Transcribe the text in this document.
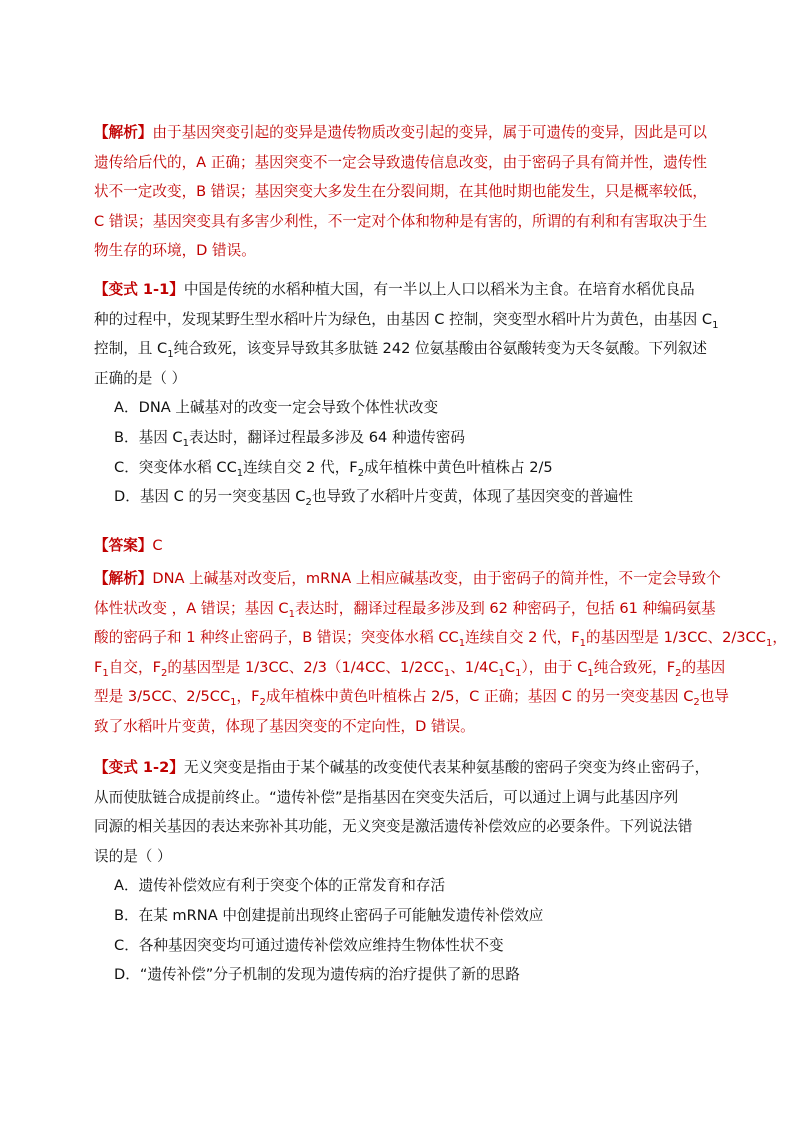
【解析】由于基因突变引起的变异是遗传物质改变引起的变异，属于可遗传的变异，因此是可以
遗传给后代的，A 正确；基因突变不一定会导致遗传信息改变，由于密码子具有简并性，遗传性
状不一定改变，B 错误；基因突变大多发生在分裂间期，在其他时期也能发生，只是概率较低，
C 错误；基因突变具有多害少利性，不一定对个体和物种是有害的，所谓的有利和有害取决于生
物生存的环境，D 错误。
【变式 1-1】中国是传统的水稻种植大国，有一半以上人口以稻米为主食。在培育水稻优良品
种的过程中，发现某野生型水稻叶片为绿色，由基因 C 控制，突变型水稻叶片为黄色，由基因 $C_1$
控制，且 $C_1$纯合致死，该变异导致其多肽链 242 位氨基酸由谷氨酸转变为天冬氨酸。下列叙述
正确的是（ ）
A．DNA 上碱基对的改变一定会导致个体性状改变
B．基因 $C_1$表达时，翻译过程最多涉及 64 种遗传密码
C．突变体水稻 $CC_1$连续自交 2 代，$F_2$成年植株中黄色叶植株占 2/5
D．基因 C 的另一突变基因 $C_2$也导致了水稻叶片变黄，体现了基因突变的普遍性
【答案】C
【解析】DNA 上碱基对改变后，mRNA 上相应碱基改变，由于密码子的简并性，不一定会导致个
体性状改变 ，A 错误；基因 $C_1$表达时，翻译过程最多涉及到 62 种密码子，包括 61 种编码氨基
酸的密码子和 1 种终止密码子，B 错误；突变体水稻 $CC_1$连续自交 2 代，$F_1$的基因型是 1/3CC、$2/3CC_1$，
$F_1$自交，$F_2$的基因型是 1/3CC、2/3（1/4CC、$1/2CC_1$、$1/4C_1C_1$），由于 $C_1$纯合致死，$F_2$的基因
型是 3/5CC、$2/5CC_1$，$F_2$成年植株中黄色叶植株占 2/5，C 正确；基因 C 的另一突变基因 $C_2$也导
致了水稻叶片变黄，体现了基因突变的不定向性，D 错误。
【变式 1-2】无义突变是指由于某个碱基的改变使代表某种氨基酸的密码子突变为终止密码子，
从而使肽链合成提前终止。“遗传补偿”是指基因在突变失活后，可以通过上调与此基因序列
同源的相关基因的表达来弥补其功能，无义突变是激活遗传补偿效应的必要条件。下列说法错
误的是（ ）
A．遗传补偿效应有利于突变个体的正常发育和存活
B．在某 mRNA 中创建提前出现终止密码子可能触发遗传补偿效应
C．各种基因突变均可通过遗传补偿效应维持生物体性状不变
D．“遗传补偿”分子机制的发现为遗传病的治疗提供了新的思路
